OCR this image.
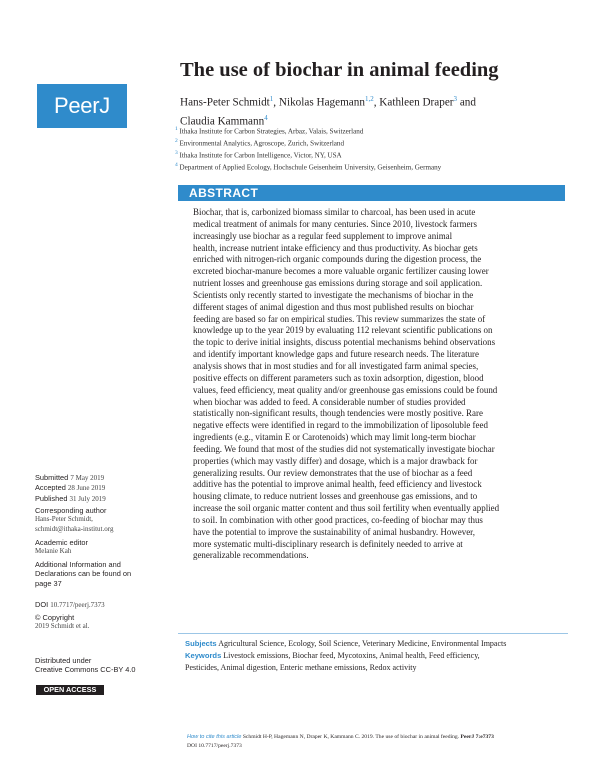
PeerJ
The use of biochar in animal feeding
Hans-Peter Schmidt$^1$, Nikolas Hagemann$^{1,2}$, Kathleen Draper$^3$ and
Claudia Kammann$^4$
$^1$ Ithaka Institute for Carbon Strategies, Arbaz, Valais, Switzerland
$^2$ Environmental Analytics, Agroscope, Zurich, Switzerland
$^3$ Ithaka Institute for Carbon Intelligence, Victor, NY, USA
$^4$ Department of Applied Ecology, Hochschule Geisenheim University, Geisenheim, Germany
ABSTRACT

Biochar, that is, carbonized biomass similar to charcoal, has been used in acute

medical treatment of animals for many centuries. Since 2010, livestock farmers

increasingly use biochar as a regular feed supplement to improve animal

health, increase nutrient intake efficiency and thus productivity. As biochar gets

enriched with nitrogen-rich organic compounds during the digestion process, the

excreted biochar-manure becomes a more valuable organic fertilizer causing lower

nutrient losses and greenhouse gas emissions during storage and soil application.

Scientists only recently started to investigate the mechanisms of biochar in the

different stages of animal digestion and thus most published results on biochar

feeding are based so far on empirical studies. This review summarizes the state of

knowledge up to the year 2019 by evaluating 112 relevant scientific publications on

the topic to derive initial insights, discuss potential mechanisms behind observations

and identify important knowledge gaps and future research needs. The literature

analysis shows that in most studies and for all investigated farm animal species,

positive effects on different parameters such as toxin adsorption, digestion, blood

values, feed efficiency, meat quality and/or greenhouse gas emissions could be found

when biochar was added to feed. A considerable number of studies provided

statistically non-significant results, though tendencies were mostly positive. Rare

negative effects were identified in regard to the immobilization of liposoluble feed

ingredients (e.g., vitamin E or Carotenoids) which may limit long-term biochar

feeding. We found that most of the studies did not systematically investigate biochar

properties (which may vastly differ) and dosage, which is a major drawback for

generalizing results. Our review demonstrates that the use of biochar as a feed

additive has the potential to improve animal health, feed efficiency and livestock

housing climate, to reduce nutrient losses and greenhouse gas emissions, and to

increase the soil organic matter content and thus soil fertility when eventually applied

to soil. In combination with other good practices, co-feeding of biochar may thus

have the potential to improve the sustainability of animal husbandry. However,

more systematic multi-disciplinary research is definitely needed to arrive at

generalizable recommendations.

Submitted 7 May 2019
Accepted 28 June 2019
Published 31 July 2019
Corresponding author
Hans-Peter Schmidt,
schmidt@ithaka-institut.org
Academic editor
Melanie Kah
Additional Information and
Declarations can be found on
page 37
DOI 10.7717/peerj.7373
© Copyright
2019 Schmidt et al.
Distributed under
Creative Commons CC-BY 4.0
OPEN ACCESS
Subjects Agricultural Science, Ecology, Soil Science, Veterinary Medicine, Environmental Impacts
Keywords Livestock emissions, Biochar feed, Mycotoxins, Animal health, Feed efficiency,
Pesticides, Animal digestion, Enteric methane emissions, Redox activity
How to cite this article Schmidt H-P, Hagemann N, Draper K, Kammann C. 2019. The use of biochar in animal feeding. PeerJ 7:e7373
DOI 10.7717/peerj.7373
